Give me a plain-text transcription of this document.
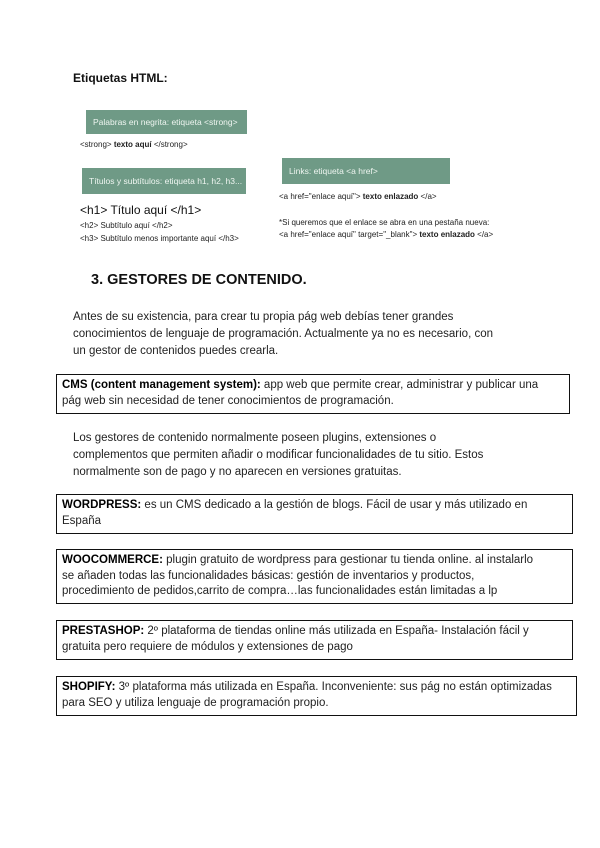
Etiquetas HTML:
Palabras en negrita: etiqueta <strong>
<strong> texto aquí </strong>
Títulos y subtítulos: etiqueta h1, h2, h3...
<h1> Título aquí </h1>
<h2> Subtítulo aquí </h2>
<h3> Subtítulo menos importante aquí </h3>
Links: etiqueta <a href>
<a href="enlace aquí"> texto enlazado </a>
*Si queremos que el enlace se abra en una pestaña nueva:
<a href="enlace aquí" target="_blank"> texto enlazado </a>
3. GESTORES DE CONTENIDO.
Antes de su existencia, para crear tu propia pág web debías tener grandes
conocimientos de lenguaje de programación. Actualmente ya no es necesario, con
un gestor de contenidos puedes crearla.
CMS (content management system): app web que permite crear, administrar y publicar una
pág web sin necesidad de tener conocimientos de programación.
Los gestores de contenido normalmente poseen plugins, extensiones o
complementos que permiten añadir o modificar funcionalidades de tu sitio. Estos
normalmente son de pago y no aparecen en versiones gratuitas.
WORDPRESS: es un CMS dedicado a la gestión de blogs. Fácil de usar y más utilizado en España
WOOCOMMERCE: plugin gratuito de wordpress para gestionar tu tienda online. al instalarlo
se añaden todas las funcionalidades básicas: gestión de inventarios y productos,
procedimiento de pedidos,carrito de compra…las funcionalidades están limitadas a lp
PRESTASHOP: 2º plataforma de tiendas online más utilizada en España- Instalación fácil y gratuita pero requiere de módulos y extensiones de pago
SHOPIFY: 3º plataforma más utilizada en España. Inconveniente: sus pág no están optimizadas para SEO y utiliza lenguaje de programación propio.
